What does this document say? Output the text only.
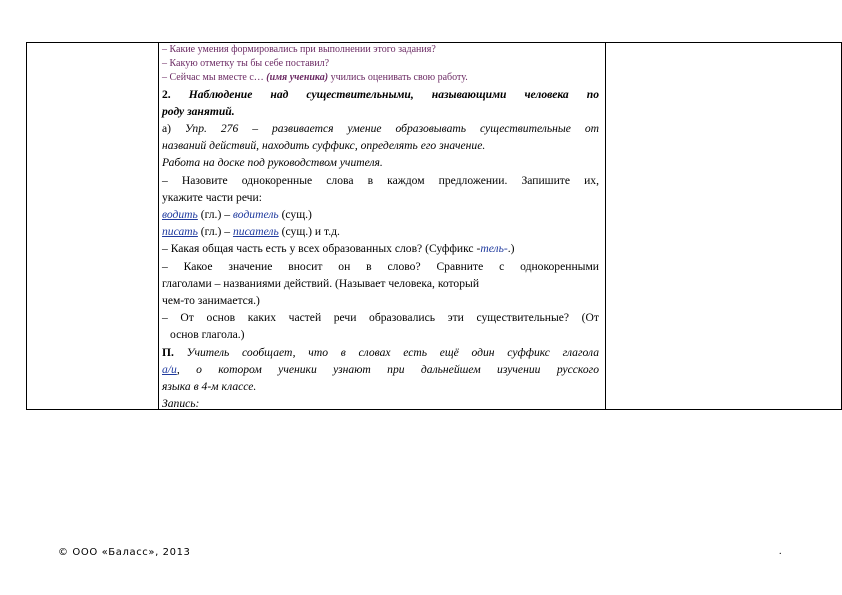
– Какие умения формировались при выполнении этого задания?
– Какую отметку ты бы себе поставил?
– Сейчас мы вместе с… (имя ученика) учились оценивать свою работу.
2. Наблюдение над существительными, называющими человека по
роду занятий.
а) Упр. 276 – развивается умение образовывать существительные от
названий действий, находить суффикс, определять его значение.
Работа на доске под руководством учителя.
– Назовите однокоренные слова в каждом предложении. Запишите их,
укажите части речи:
водить (гл.) – водитель (сущ.)
писать (гл.) – писатель (сущ.) и т.д.
– Какая общая часть есть у всех образованных слов? (Суффикс -тель-.)
– Какое значение вносит он в слово? Сравните с однокоренными
глаголами – названиями действий. (Называет человека, который
чем-то занимается.)
– От основ каких частей речи образовались эти существительные? (От
основ глагола.)
П. Учитель сообщает, что в словах есть ещё один суффикс глагола
а/и, о котором ученики узнают при дальнейшем изучении русского
языка в 4-м классе.
Запись:
© ООО «Баласс», 2013	.
